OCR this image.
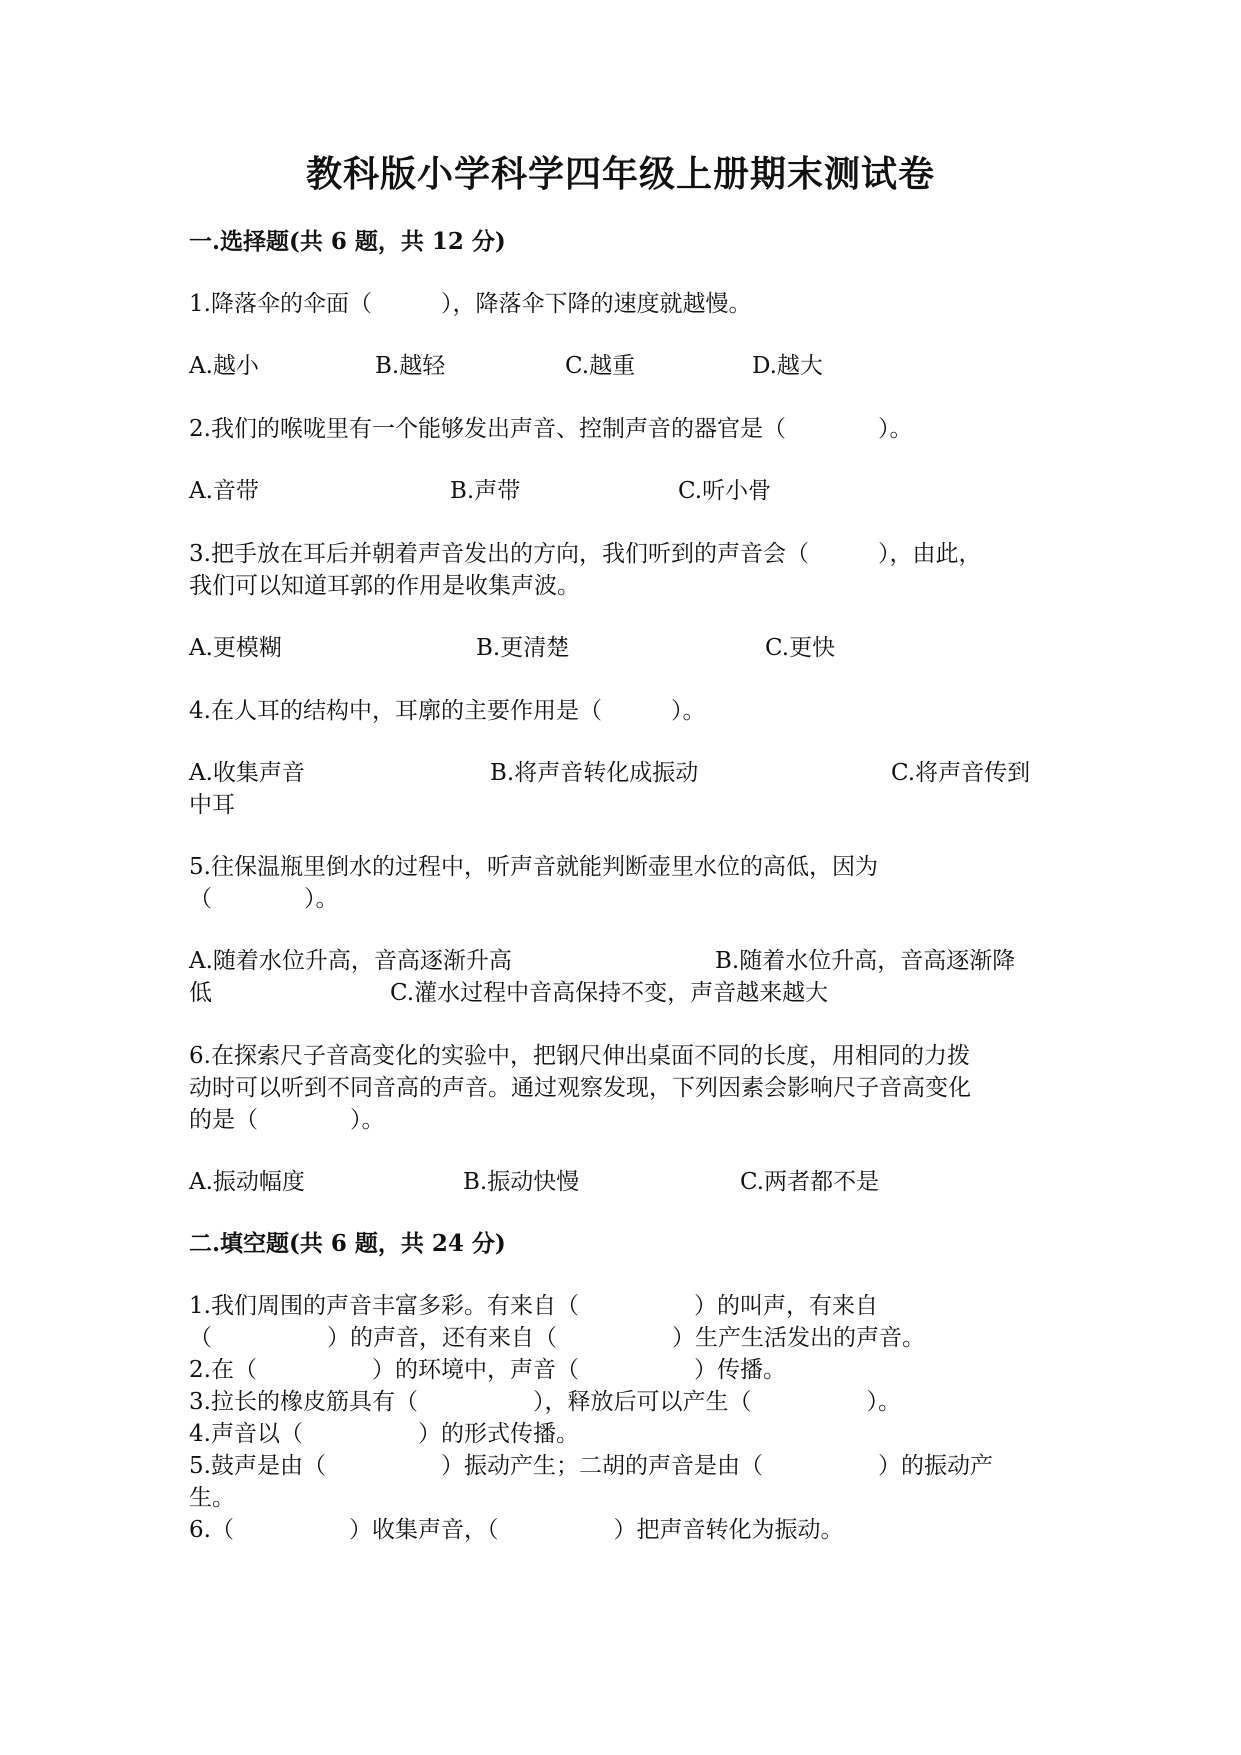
教科版小学科学四年级上册期末测试卷
一.选择题(共 6 题，共 12 分)
1.降落伞的伞面（　　　），降落伞下降的速度就越慢。
A.越小	B.越轻	C.越重	D.越大
2.我们的喉咙里有一个能够发出声音、控制声音的器官是（　　　　）。
A.音带	B.声带	C.听小骨
3.把手放在耳后并朝着声音发出的方向，我们听到的声音会（　　　），由此，
我们可以知道耳郭的作用是收集声波。
A.更模糊	B.更清楚	C.更快
4.在人耳的结构中，耳廓的主要作用是（　　　）。
A.收集声音	B.将声音转化成振动	C.将声音传到
中耳
5.往保温瓶里倒水的过程中，听声音就能判断壶里水位的高低，因为
（　　　　）。
A.随着水位升高，音高逐渐升高	B.随着水位升高，音高逐渐降
低	C.灌水过程中音高保持不变，声音越来越大
6.在探索尺子音高变化的实验中，把钢尺伸出桌面不同的长度，用相同的力拨
动时可以听到不同音高的声音。通过观察发现，下列因素会影响尺子音高变化
的是（　　　　）。
A.振动幅度	B.振动快慢	C.两者都不是
二.填空题(共 6 题，共 24 分)
1.我们周围的声音丰富多彩。有来自（　　　　　）的叫声，有来自
（　　　　　）的声音，还有来自（　　　　　）生产生活发出的声音。
2.在（　　　　　）的环境中，声音（　　　　　）传播。
3.拉长的橡皮筋具有（　　　　　），释放后可以产生（　　　　　）。
4.声音以（　　　　　）的形式传播。
5.鼓声是由（　　　　　）振动产生；二胡的声音是由（　　　　　）的振动产
生。
6.（　　　　　）收集声音，（　　　　　）把声音转化为振动。
